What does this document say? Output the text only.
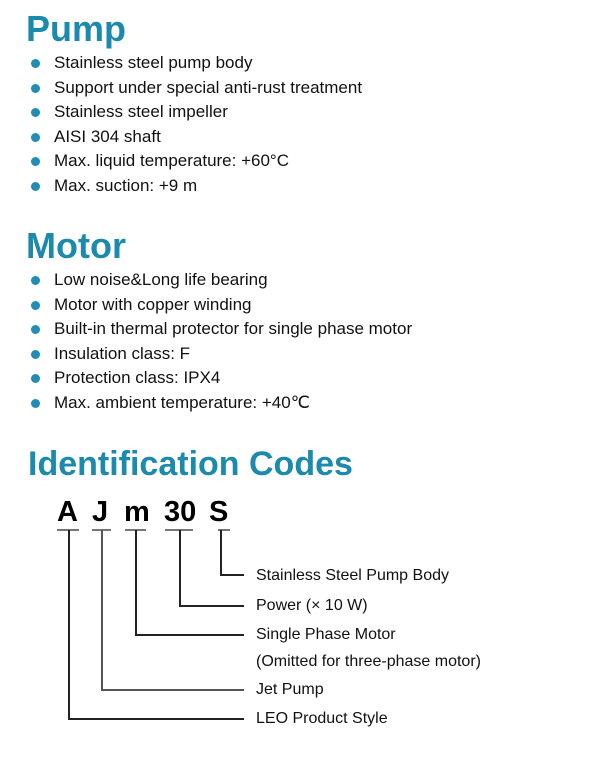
Pump
Stainless steel pump body
Support under special anti-rust treatment
Stainless steel impeller
AISI 304 shaft
Max. liquid temperature: +60°C
Max. suction: +9 m
Motor
Low noise&Long life bearing
Motor with copper winding
Built-in thermal protector for single phase motor
Insulation class: F
Protection class: IPX4
Max. ambient temperature: +40℃
Identification Codes
A J m 30 S
Stainless Steel Pump Body
Power (× 10 W)
Single Phase Motor
(Omitted for three-phase motor)
Jet Pump
LEO Product Style
